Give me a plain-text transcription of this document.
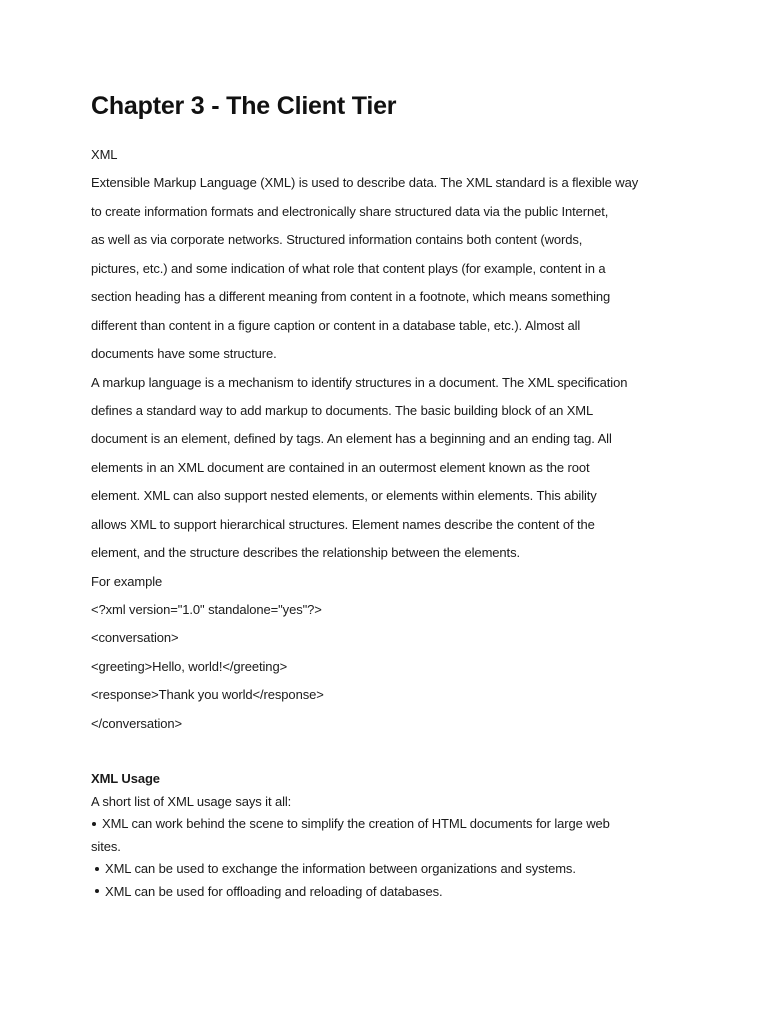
Chapter 3 - The Client Tier
XML
Extensible Markup Language (XML) is used to describe data. The XML standard is a flexible way
to create information formats and electronically share structured data via the public Internet,
as well as via corporate networks. Structured information contains both content (words,
pictures, etc.) and some indication of what role that content plays (for example, content in a
section heading has a different meaning from content in a footnote, which means something
different than content in a figure caption or content in a database table, etc.). Almost all
documents have some structure.
A markup language is a mechanism to identify structures in a document. The XML specification
defines a standard way to add markup to documents. The basic building block of an XML
document is an element, defined by tags. An element has a beginning and an ending tag. All
elements in an XML document are contained in an outermost element known as the root
element. XML can also support nested elements, or elements within elements. This ability
allows XML to support hierarchical structures. Element names describe the content of the
element, and the structure describes the relationship between the elements.
For example
<?xml version="1.0" standalone="yes"?>
<conversation>
<greeting>Hello, world!</greeting>
<response>Thank you world</response>
</conversation>
XML Usage
A short list of XML usage says it all:
XML can work behind the scene to simplify the creation of HTML documents for large web
sites.
XML can be used to exchange the information between organizations and systems.
XML can be used for offloading and reloading of databases.
